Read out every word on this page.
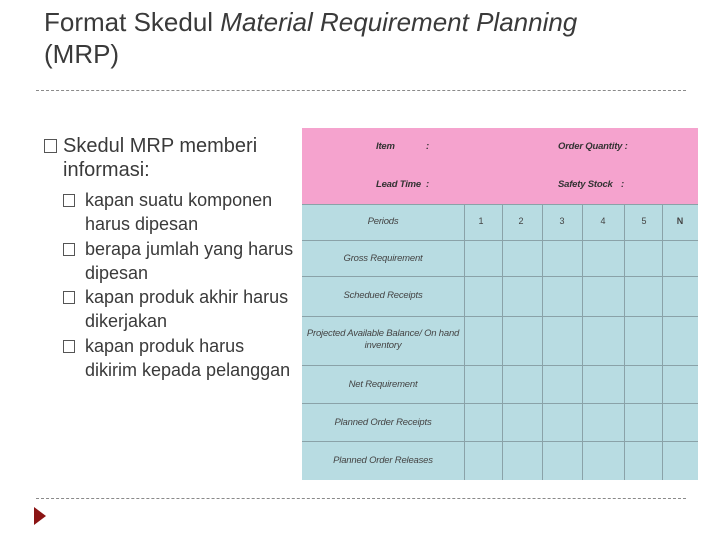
Format Skedul Material Requirement Planning
(MRP)
Skedul MRP memberi informasi:
kapan suatu komponen harus dipesan
berapa jumlah yang harus dipesan
kapan produk akhir harus dikerjakan
kapan produk harus dikirim kepada pelanggan
Item	:	Order Quantity :
Lead Time :	Safety Stock :
Periods	1	2	3	4	5	N
Gross Requirement
Schedued Receipts
Projected Available Balance/ On hand inventory
Net Requirement
Planned Order Receipts
Planned Order Releases
